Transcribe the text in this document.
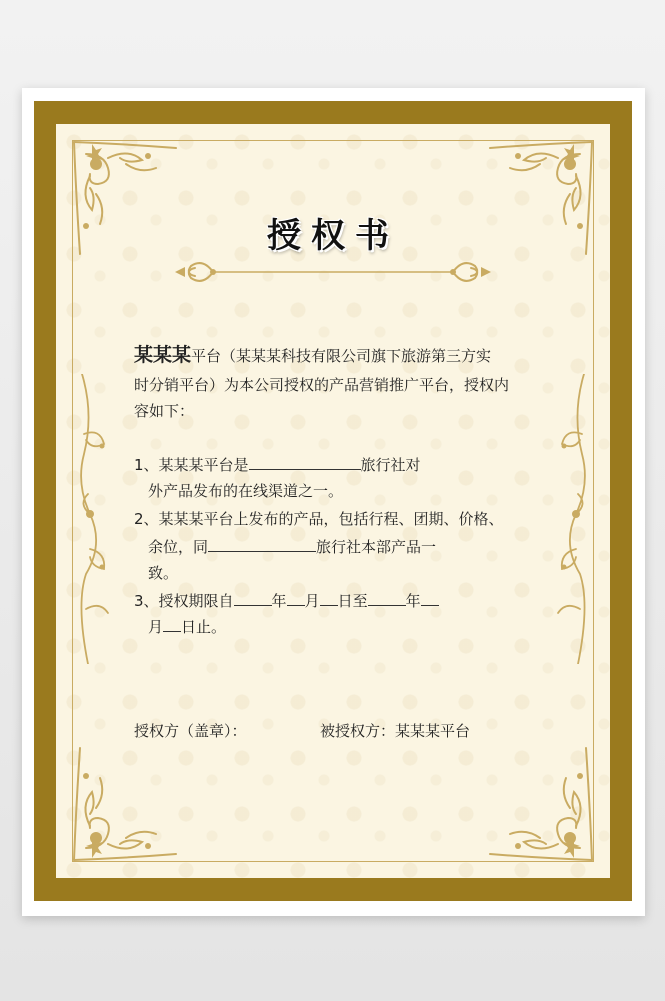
授权书
某某某平台（某某某科技有限公司旗下旅游第三方实
时分销平台）为本公司授权的产品营销推广平台，授权内
容如下：
1、某某某平台是	旅行社对
外产品发布的在线渠道之一。
2、某某某平台上发布的产品，包括行程、团期、价格、
余位，同	旅行社本部产品一
致。
3、授权期限自	年 月 日至	年
月 日止。
授权方（盖章）：	被授权方：某某某平台
